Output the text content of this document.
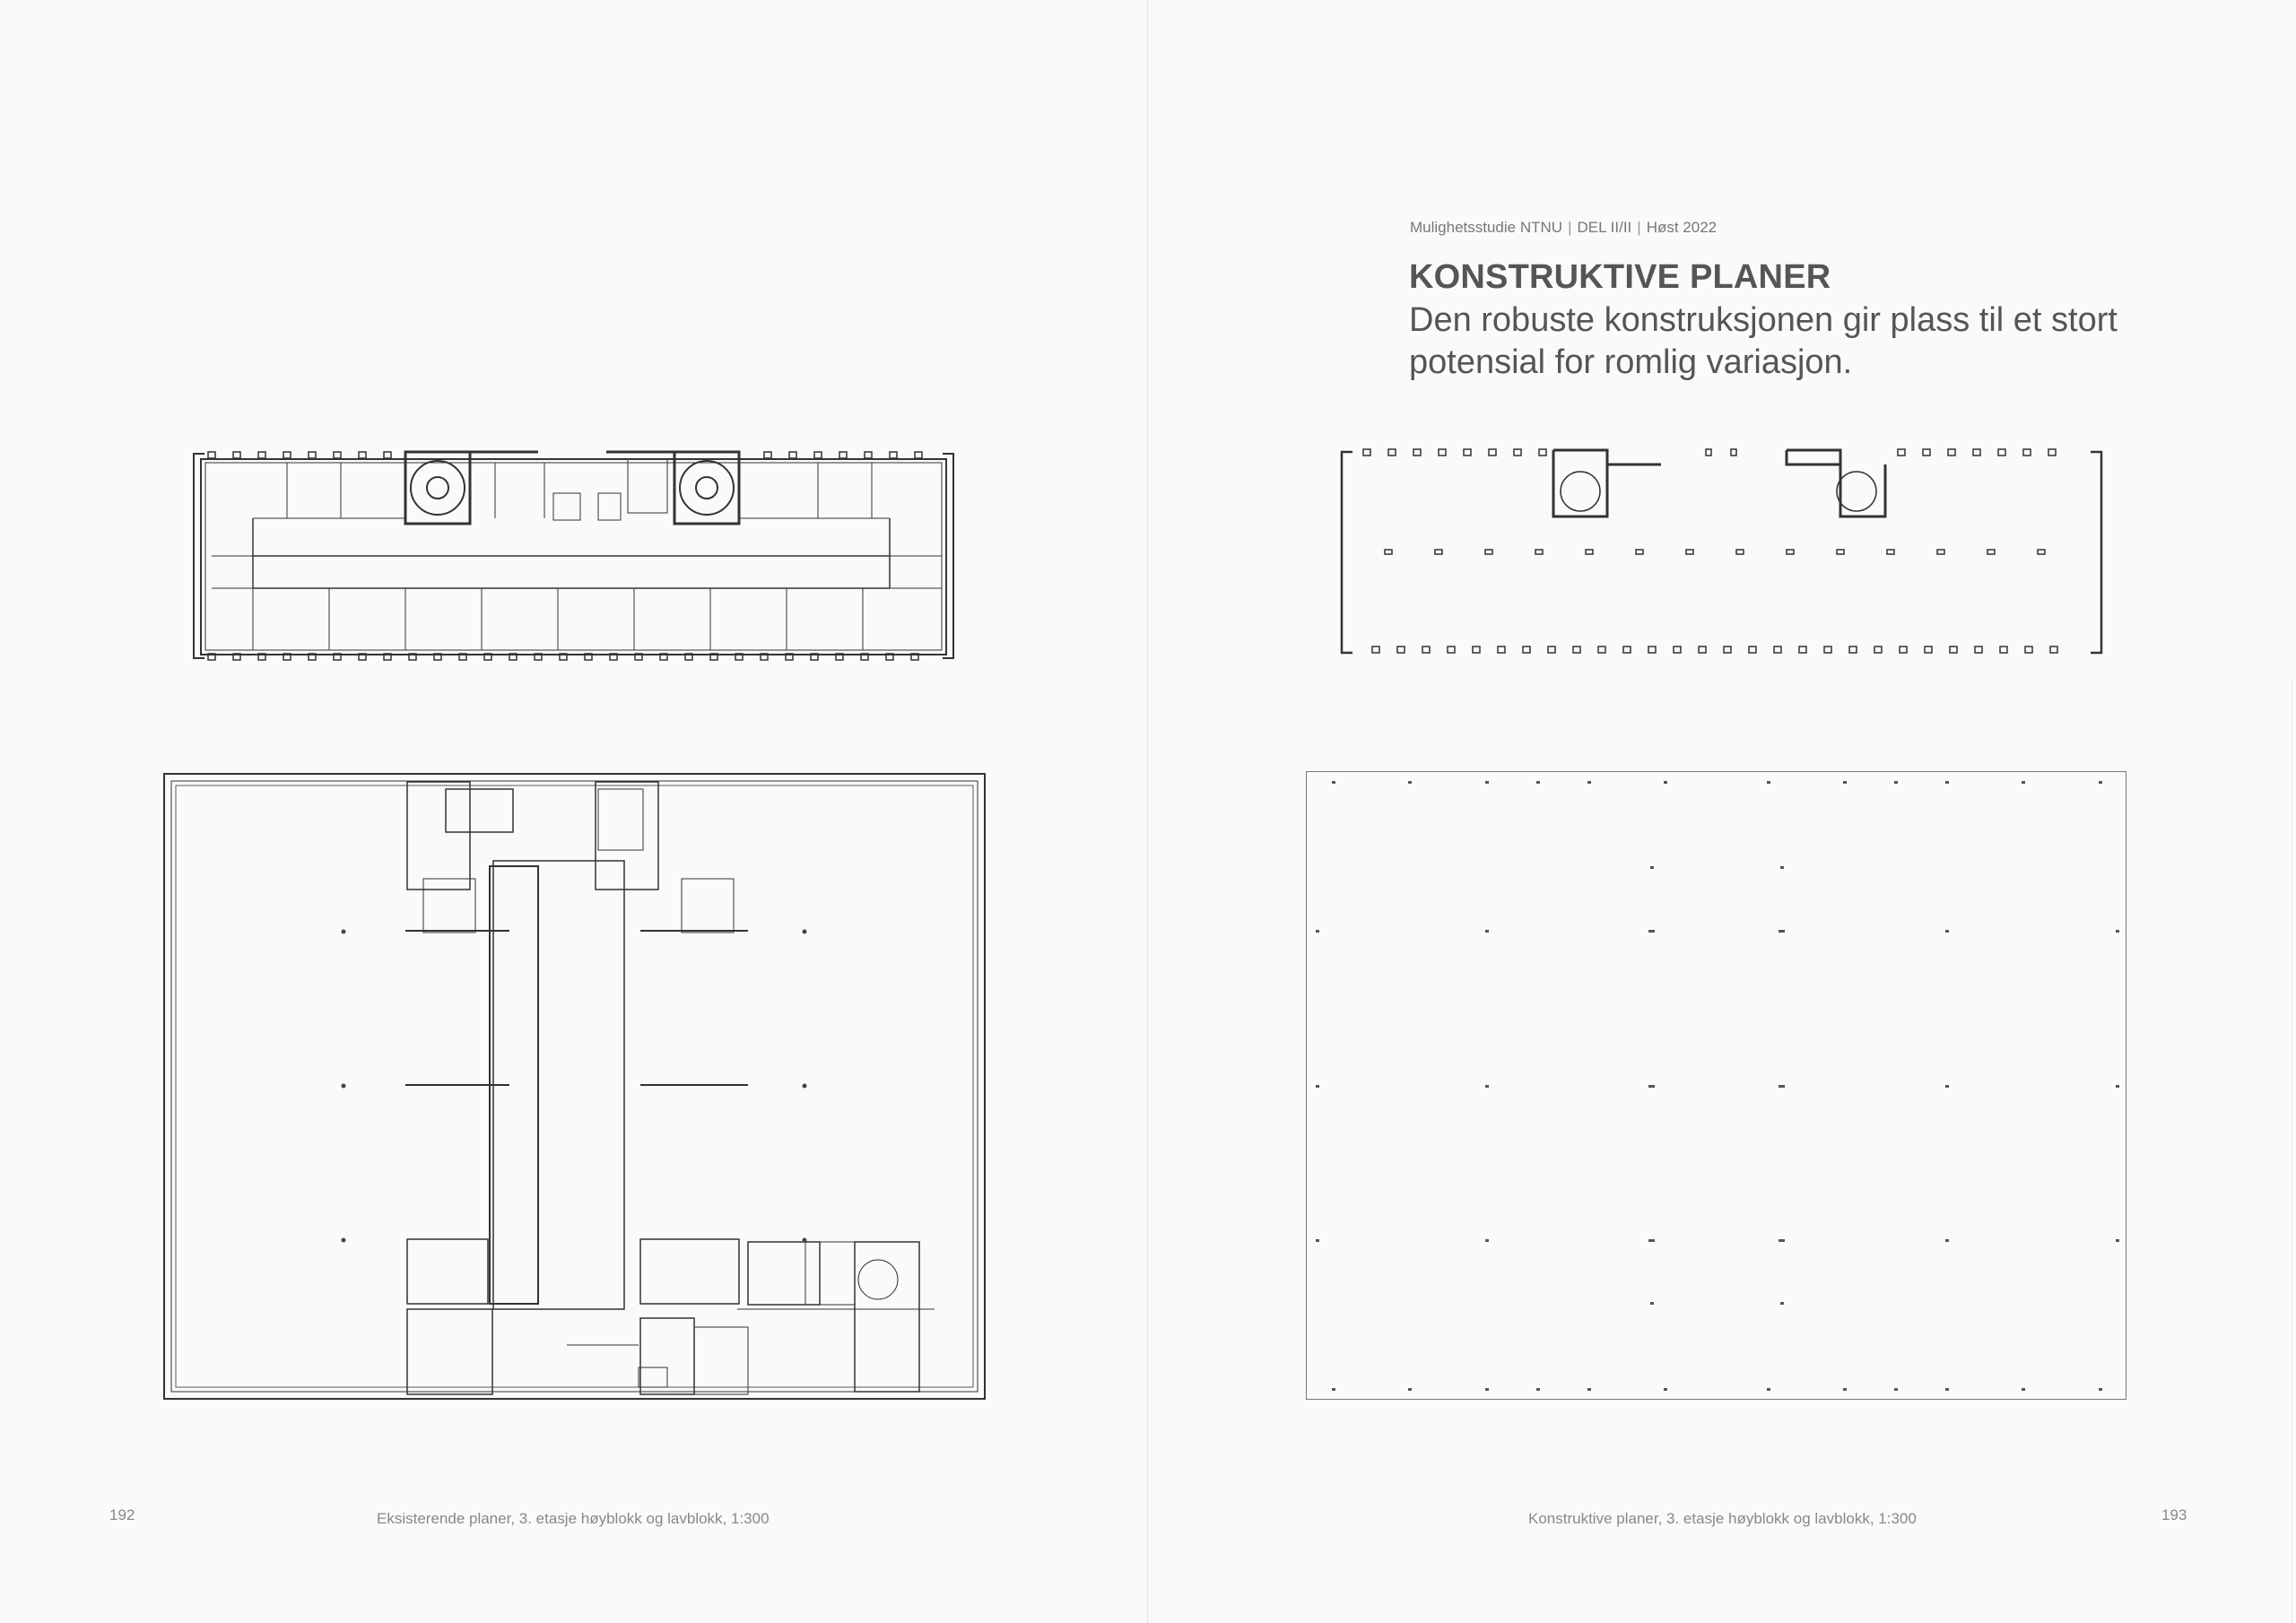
Mulighetsstudie NTNU | DEL II/II | Høst 2022
KONSTRUKTIVE PLANER
Den robuste konstruksjonen gir plass til et stort potensial for romlig variasjon.
192	Eksisterende planer, 3. etasje høyblokk og lavblokk, 1:300	Konstruktive planer, 3. etasje høyblokk og lavblokk, 1:300	193
